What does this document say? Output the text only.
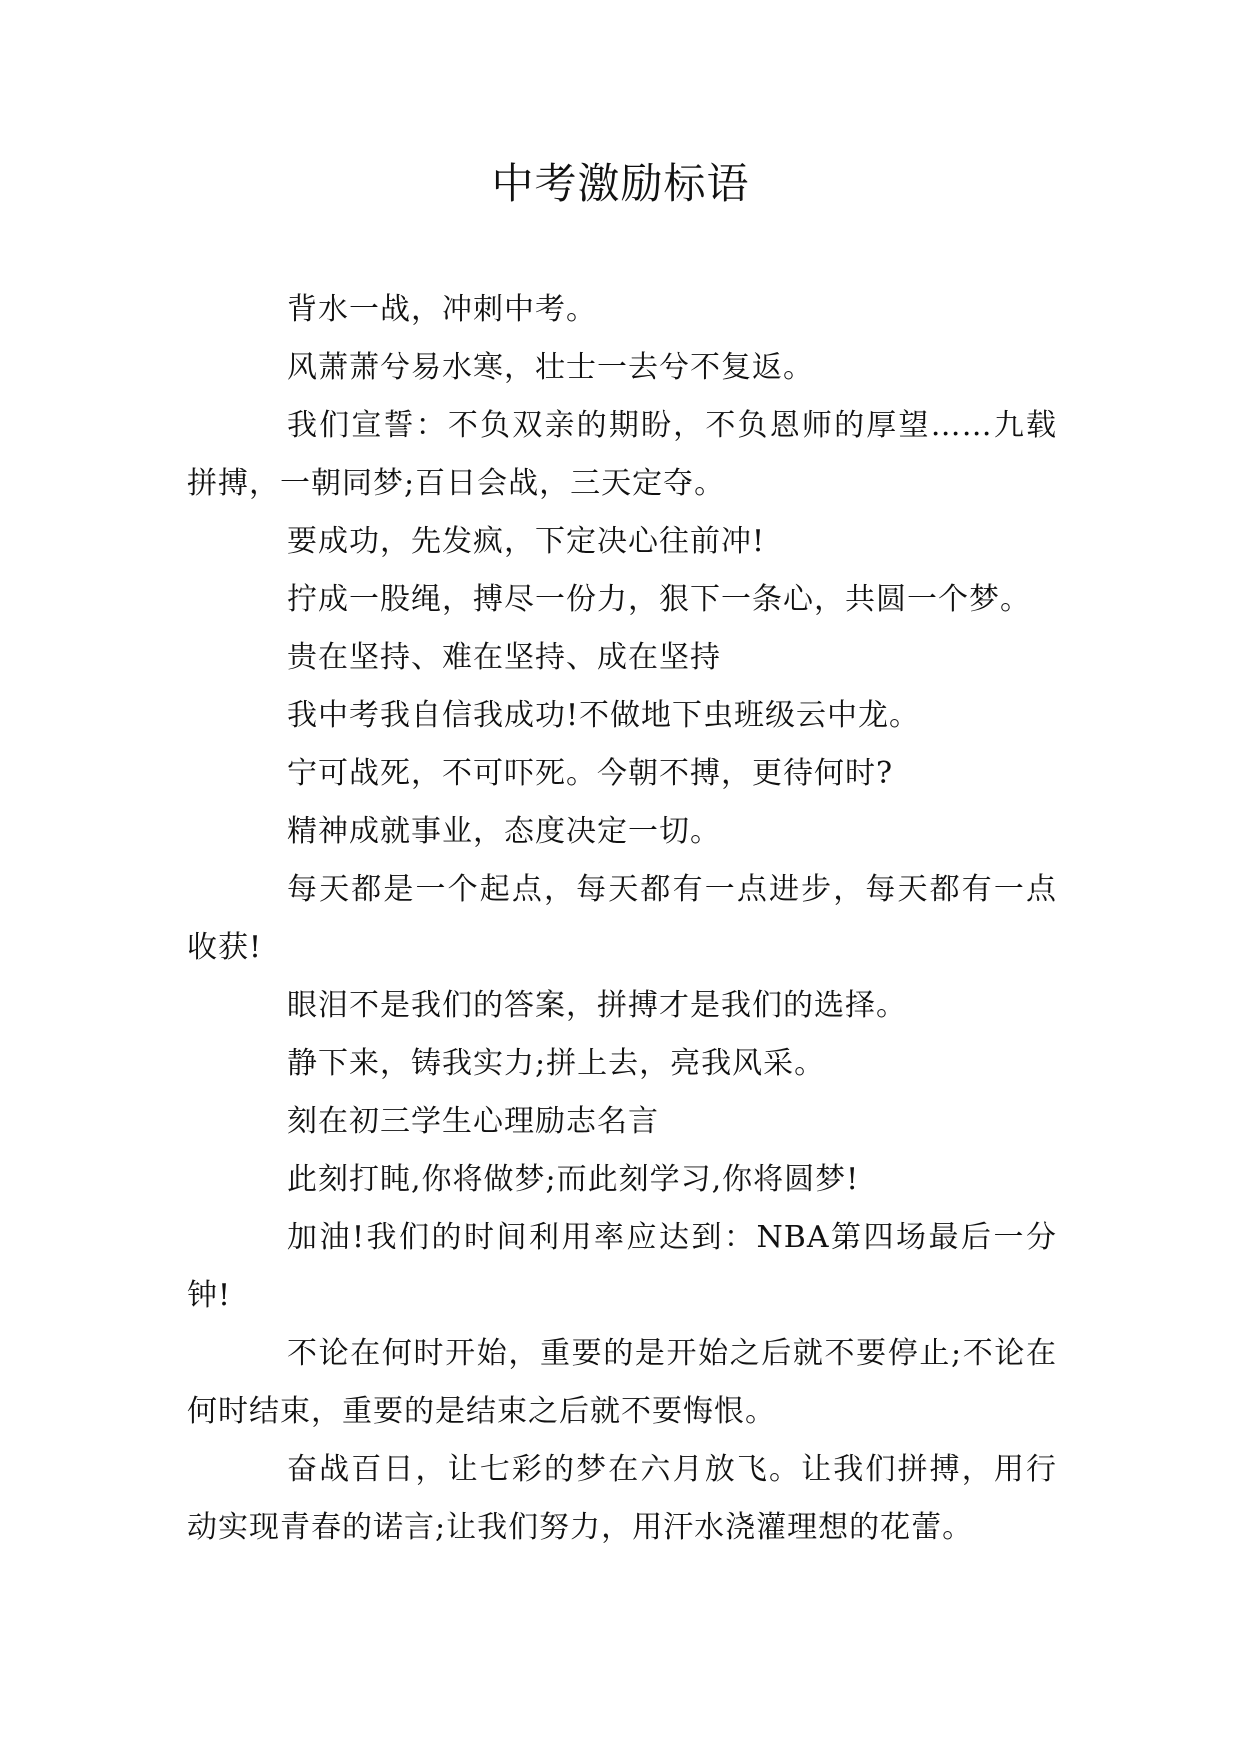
中考激励标语

背水一战，冲刺中考。

风萧萧兮易水寒，壮士一去兮不复返。

我们宣誓：不负双亲的期盼，不负恩师的厚望……九载拼搏，一朝同梦;百日会战，三天定夺。

要成功，先发疯，下定决心往前冲!

拧成一股绳，搏尽一份力，狠下一条心，共圆一个梦。

贵在坚持、难在坚持、成在坚持

我中考我自信我成功!不做地下虫班级云中龙。

宁可战死，不可吓死。今朝不搏，更待何时?

精神成就事业，态度决定一切。

每天都是一个起点，每天都有一点进步，每天都有一点收获!

眼泪不是我们的答案，拼搏才是我们的选择。

静下来，铸我实力;拼上去，亮我风采。

刻在初三学生心理励志名言

此刻打盹,你将做梦;而此刻学习,你将圆梦!

加油!我们的时间利用率应达到：NBA第四场最后一分钟!

不论在何时开始，重要的是开始之后就不要停止;不论在何时结束，重要的是结束之后就不要悔恨。

奋战百日，让七彩的梦在六月放飞。让我们拼搏，用行动实现青春的诺言;让我们努力，用汗水浇灌理想的花蕾。
